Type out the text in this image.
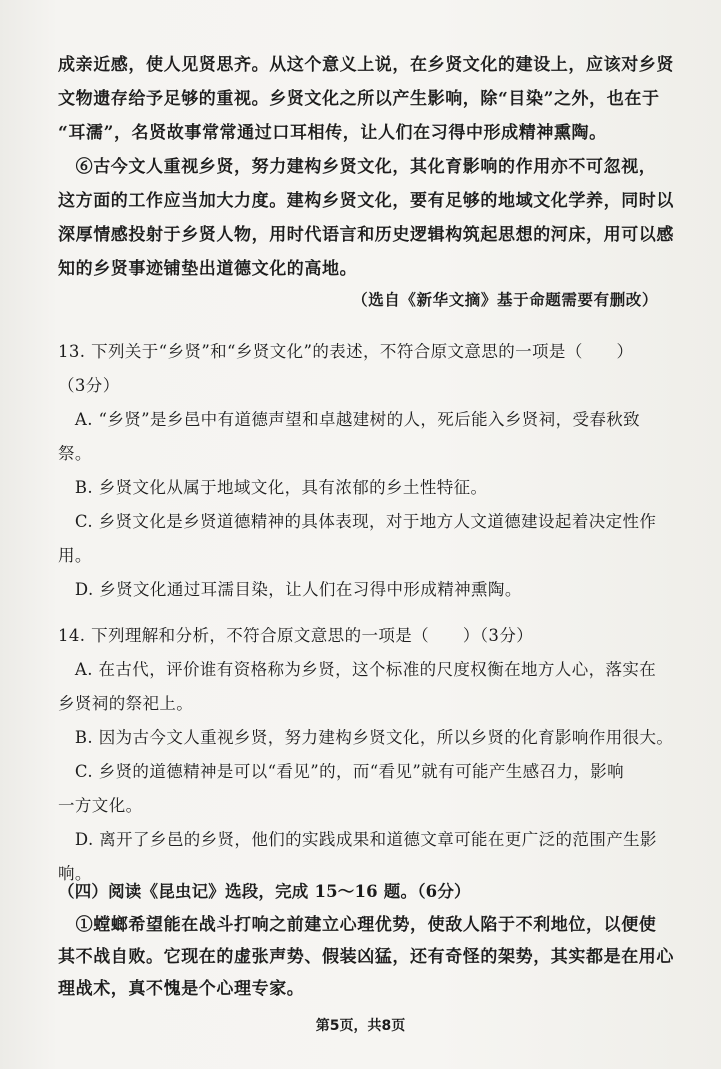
成亲近感，使人见贤思齐。从这个意义上说，在乡贤文化的建设上，应该对乡贤
文物遗存给予足够的重视。乡贤文化之所以产生影响，除“目染”之外，也在于
“耳濡”，名贤故事常常通过口耳相传，让人们在习得中形成精神熏陶。
　⑥古今文人重视乡贤，努力建构乡贤文化，其化育影响的作用亦不可忽视，
这方面的工作应当加大力度。建构乡贤文化，要有足够的地域文化学养，同时以
深厚情感投射于乡贤人物，用时代语言和历史逻辑构筑起思想的河床，用可以感
知的乡贤事迹铺垫出道德文化的高地。
（选自《新华文摘》基于命题需要有删改）
13. 下列关于“乡贤”和“乡贤文化”的表述，不符合原文意思的一项是（　　）
（3分）
　A. “乡贤”是乡邑中有道德声望和卓越建树的人，死后能入乡贤祠，受春秋致
祭。
　B. 乡贤文化从属于地域文化，具有浓郁的乡土性特征。
　C. 乡贤文化是乡贤道德精神的具体表现，对于地方人文道德建设起着决定性作
用。
　D. 乡贤文化通过耳濡目染，让人们在习得中形成精神熏陶。
14. 下列理解和分析，不符合原文意思的一项是（　　）（3分）
　A. 在古代，评价谁有资格称为乡贤，这个标准的尺度权衡在地方人心，落实在
乡贤祠的祭祀上。
　B. 因为古今文人重视乡贤，努力建构乡贤文化，所以乡贤的化育影响作用很大。
　C. 乡贤的道德精神是可以“看见”的，而“看见”就有可能产生感召力，影响
一方文化。
　D. 离开了乡邑的乡贤，他们的实践成果和道德文章可能在更广泛的范围产生影
响。
（四）阅读《昆虫记》选段，完成 15～16 题。（6分）
　①螳螂希望能在战斗打响之前建立心理优势，使敌人陷于不利地位，以便使
其不战自败。它现在的虚张声势、假装凶猛，还有奇怪的架势，其实都是在用心
理战术，真不愧是个心理专家。
第5页，共8页
